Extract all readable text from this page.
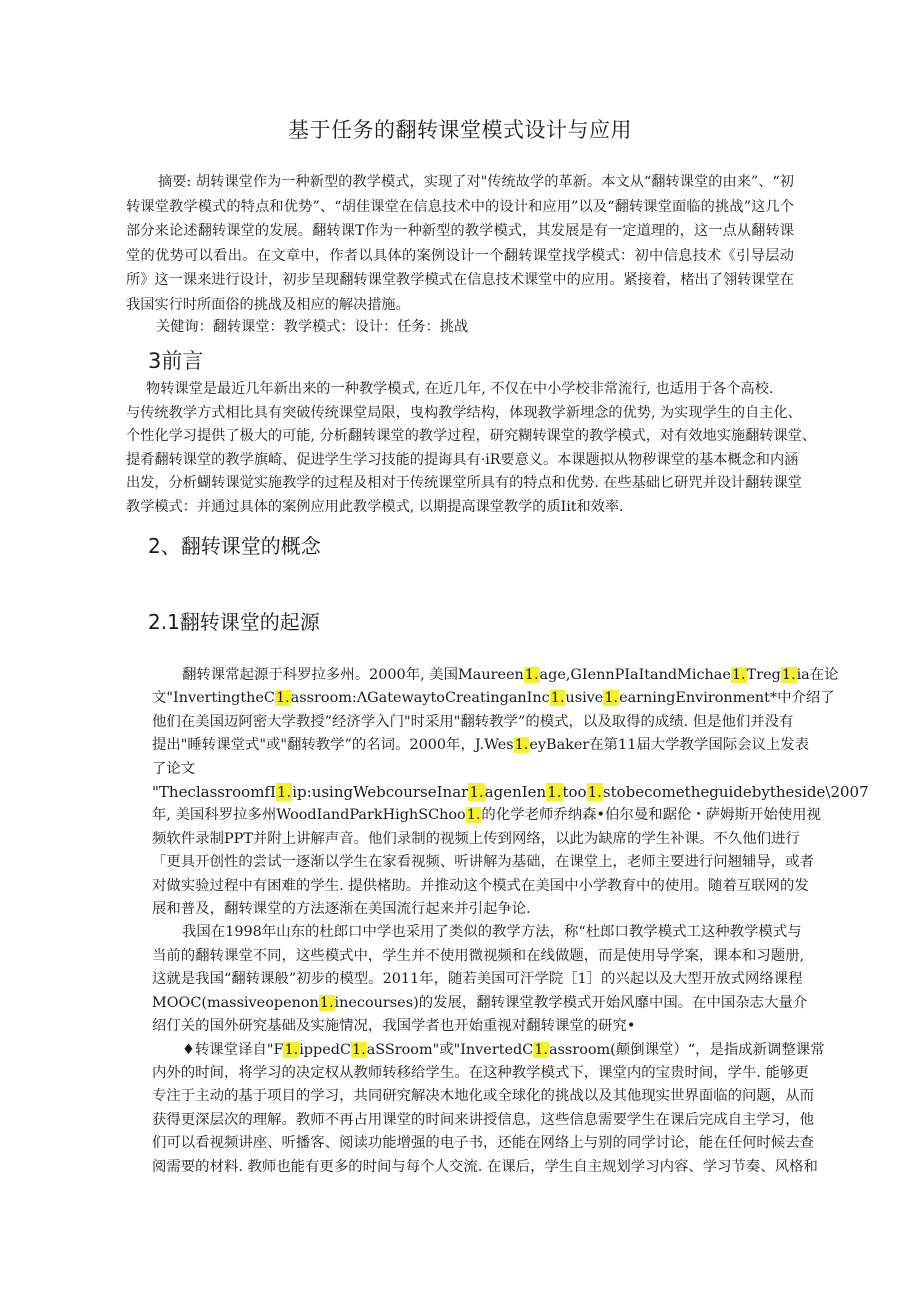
基于任务的翻转课堂模式设计与应用

摘要: 胡转课堂作为一种新型的教学模式，实现了对"传统故学的革新。本文从“翻转课堂的由来”、“初转课堂教学模式的特点和优势”、“胡佳课堂在信息技术中的设计和应用”以及“翻转课堂面临的挑战”这几个部分来论述翻转课堂的发展。翻转课T作为一种新型的教学模式，其发展是有一定道理的，这一点从翻转课堂的优势可以看出。在文章中，作者以具体的案例设计一个翻转课堂找学模式：初中信息技术《引导层动所》这一课来进行设计，初步呈现翻转课堂教学模式在信息技术课堂中的应用。紧接着，楮出了翎转课堂在我国实行时所面俗的挑战及相应的解决措施。

关健询：翻转课堂：教学模式：设计：任务：挑战
3前言
物转课堂是最近几年新出来的一种教学模式, 在近几年, 不仅在中小学校非常流行, 也适用于各个高校.
与传统教学方式相比具有突破传统课堂局限，曳构教学结构，体现教学新埋念的优势, 为实现学生的自主化、
个性化学习提供了极大的可能, 分析翻转课堂的教学过程，研究糊转课堂的教学模式，对有效地实施翻转课堂、
提肴翻转课堂的教学旗崎、促进学生学习技能的提诲具有·iR要意义。本课题拟从物秽课堂的基本概念和内涵
出发，分析蝴转课觉实施教学的过程及相对于传统课堂所具有的特点和优势. 在些基础匕研咒并设计翻转课堂
教学模式：并通过具体的案例应用此教学模式, 以期提高课堂教学的质Iit和效率.
2、翻转课堂的概念
2.1翻转课堂的起源
翻转课常起源于科罗拉多州。2000年, 美国Maureen1.age,GIennPIaItandMichae1.Treg1.ia在论
文"InvertingtheC1.assroom:ΛGatewaytoCreatinganInc1.usive1.earningEnvironment*中介绍了
他们在美国迈阿密大学教授”经济学入门"时采用"翻转教学”的模式，以及取得的成绩. 但是他们并没有
提出"睡转课堂式"或"翻转教学”的名词。2000年，J.Wes1.eyBaker在第11届大学教学国际会议上发表
了论文
"TheclassroomfI1.ip:usingWebcourseInar1.agenIen1.too1.stobecometheguidebytheside\2007
年, 美国科罗拉多州WoodIandParkHighSChoo1.的化学老师乔纳森•伯尔曼和踞伦・萨姆斯开始使用视
频软件录制PPT并附上讲解声音。他们录制的视频上传到网络，以此为缺席的学生补课。不久他们进行
「更具开创性的尝试一逐渐以学生在家看视频、听讲解为基础，在课堂上，老师主要进行问翘辅导，或者
对做实验过程中有困难的学生. 提供楮助。并推动这个模式在美国中小学教育中的使用。随着互联网的发
展和普及，翻转课堂的方法逐渐在美国流行起来并引起争论.
我国在1998年山东的杜郎口中学也采用了类似的教学方法，称“杜郎口教学模式工这种教学模式与
当前的翻转课堂不同，这些模式中，学生并不使用微视频和在线做题，而是使用导学案，课本和习题册,
这就是我国“翻转课般”初步的模型。2011年，随若美国可汗学院［1］的兴起以及大型开放式网络课程
MOOC(massiveopenon1.inecourses)的发展，翻转课堂教学模式开始风靡中国。在中国杂志大量介
绍仃关的国外研究基础及实施情况，我国学者也开始重视对翻转课堂的研究•
♦转课堂译自"F1.ippedC1.aSSroom"或"InvertedC1.assroom(颠倒课堂）“，是指成新调整课常
内外的时间，将学习的决定权从教师转移给学生。在这种教学模式下，课堂内的宝贵时间，学牛. 能够更
专注于主动的基于项目的学习，共同研究解决木地化或全球化的挑战以及其他现实世界面临的问题，从而
获得更深层次的理解。教师不再占用课堂的时间来讲授信息，这些信息需要学生在课后完成自主学习，他
们可以看视频讲座、听播客、阅读功能增强的电子书，还能在网络上与别的同学讨论，能在任何时候去查
阅需要的材料. 教师也能有更多的时间与每个人交流. 在课后，学生自主规划学习内容、学习节奏、风格和
